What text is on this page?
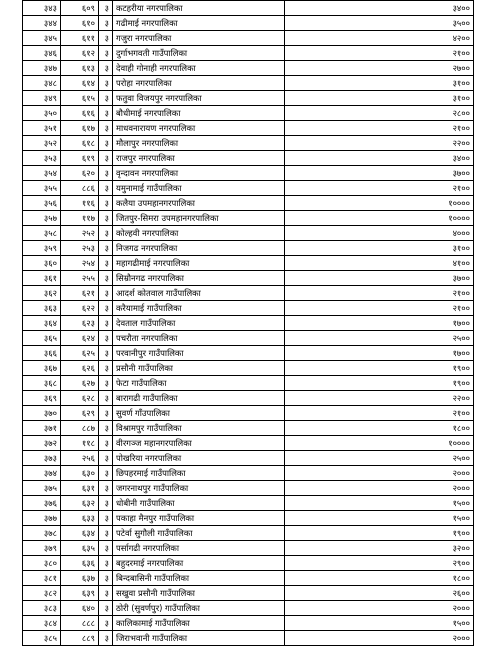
३४३	६०९	३	कटहरीया नगरपालिका	३४००
३४४	६१०	३	गढीमाई नगरपालिका	३५००
३४५	६११	३	गजुरा नगरपालिका	४२००
३४६	६१२	३	दुर्गाभगवती गाउँपालिका	२१००
३४७	६१३	३	देवाही गोनाही नगरपालिका	२७००
३४८	६१४	३	परोहा नगरपालिका	३१००
३४९	६१५	३	फतुवा विजयपुर नगरपालिका	३१००
३५०	६१६	३	बौधीमाई नगरपालिका	२८००
३५१	६१७	३	माधवनारायण नगरपालिका	२१००
३५२	६१८	३	मौलापुर नगरपालिका	२२००
३५३	६१९	३	राजपुर नगरपालिका	३४००
३५४	६२०	३	वृन्दावन नगरपालिका	३७००
३५५	८८६	३	यमुनामाई गाउँपालिका	२१००
३५६	११६	३	कलैया उपमहानगरपालिका	१००००
३५७	११७	३	जितपुर-सिमरा उपमहानगरपालिका	१००००
३५८	२५२	३	कोल्हवी नगरपालिका	४०००
३५९	२५३	३	निजगढ नगरपालिका	३१००
३६०	२५४	३	महागढीमाई नगरपालिका	४१००
३६१	२५५	३	सिम्रौनगढ नगरपालिका	३७००
३६२	६२१	३	आदर्श कोतवाल गाउँपालिका	२१००
३६३	६२२	३	करैयामाई गाउँपालिका	२१००
३६४	६२३	३	देवताल गाउँपालिका	१७००
३६५	६२४	३	पचरौता नगरपालिका	२५००
३६६	६२५	३	परवानीपुर गाउँपालिका	१७००
३६७	६२६	३	प्रसौनी गाउँपालिका	१९००
३६८	६२७	३	फेटा गाउँपालिका	१९००
३६९	६२८	३	बारागढी गाउँपालिका	२२००
३७०	६२९	३	सुवर्ण गाँउपालिका	२१००
३७१	८८७	३	विश्रामपुर गाउँपालिका	१८००
३७२	११८	३	वीरगञ्ज महानगरपालिका	१००००
३७३	२५६	३	पोखरिया नगरपालिका	२५००
३७४	६३०	३	छिपहरमाई गाउँपालिका	२०००
३७५	६३१	३	जगरनाथपुर गाउँपालिका	२०००
३७६	६३२	३	धोबीनी गाउँपालिका	१५००
३७७	६३३	३	पकाहा मैनपुर गाउँपालिका	१५००
३७८	६३४	३	पटेर्वा सुगौली गाउँपालिका	१९००
३७९	६३५	३	पर्सागढी नगरपालिका	३२००
३८०	६३६	३	बहुदरमाई नगरपालिका	२९००
३८१	६३७	३	बिन्दबासिनी गाउँपालिका	१८००
३८२	६३९	३	सखुवा प्रसौनी गाउँपालिका	२६००
३८३	६४०	३	ठोरी (सुवर्णपुर) गाउँपालिका	२०००
३८४	८८८	३	कालिकामाई गाउँपालिका	१५००
३८५	८८९	३	जिराभवानी गाउँपालिका	२०००
